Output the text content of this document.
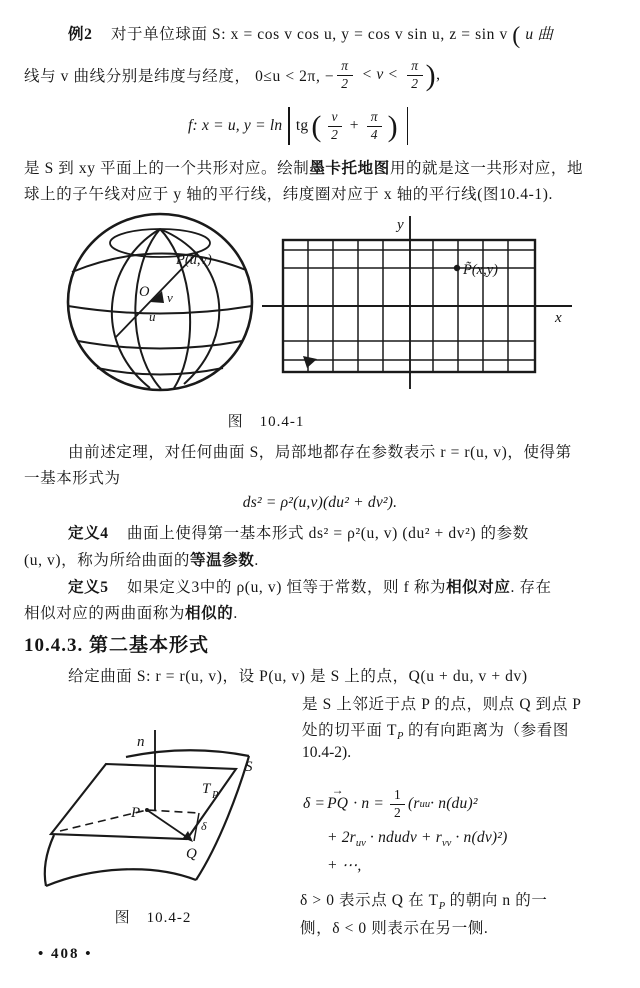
例2 对于单位球面 S: x = cos v cos u, y = cos v sin u, z = sin v ( u 曲
线与 v 曲线分别是纬度与经度， 0≤u < 2π, − $\frac{\pi}{2} < v < \frac{\pi}{2}$ ) ,
f: x = u, y = ln tg ( $\frac{v}{2} + \frac{\pi}{4}$ )
是 S 到 xy 平面上的一个共形对应。绘制墨卡托地图用的就是这一共形对应，地
球上的子午线对应于 y 轴的平行线，纬度圈对应于 x 轴的平行线(图10.4-1).
P(u,v)
O v
u
y
x
P̃(x,y)
图　10.4-1
由前述定理，对任何曲面 S，局部地都存在参数表示 r = r(u, v)，使得第
一基本形式为
ds² = ρ²(u,v)(du² + dv²).
定义4 曲面上使得第一基本形式 ds² = ρ²(u, v) (du² + dv²) 的参数
(u, v)，称为所给曲面的等温参数.
定义5 如果定义3中的 ρ(u, v) 恒等于常数，则 f 称为相似对应. 存在
相似对应的两曲面称为相似的.
10.4.3. 第二基本形式
给定曲面 S: r = r(u, v)，设 P(u, v) 是 S 上的点，Q(u + du, v + dv)
是 S 上邻近于点 P 的点，则点 Q 到点 P
处的切平面 $T_P$ 的有向距离为（参看图
10.4-2).
δ =
→
PQ · $n = \frac{1}{2} (r$ uu · n(du)²
+ $2r_{uv}$ · ndudv + $r_{vv} \cdot n(dv)^2$)
+ ⋯,
δ > 0 表示点 Q 在 $T_P$ 的朝向 n 的一
侧，δ < 0 则表示在另一侧.
n
T P
S
P
δ
Q
图　10.4-2
• 408 •
